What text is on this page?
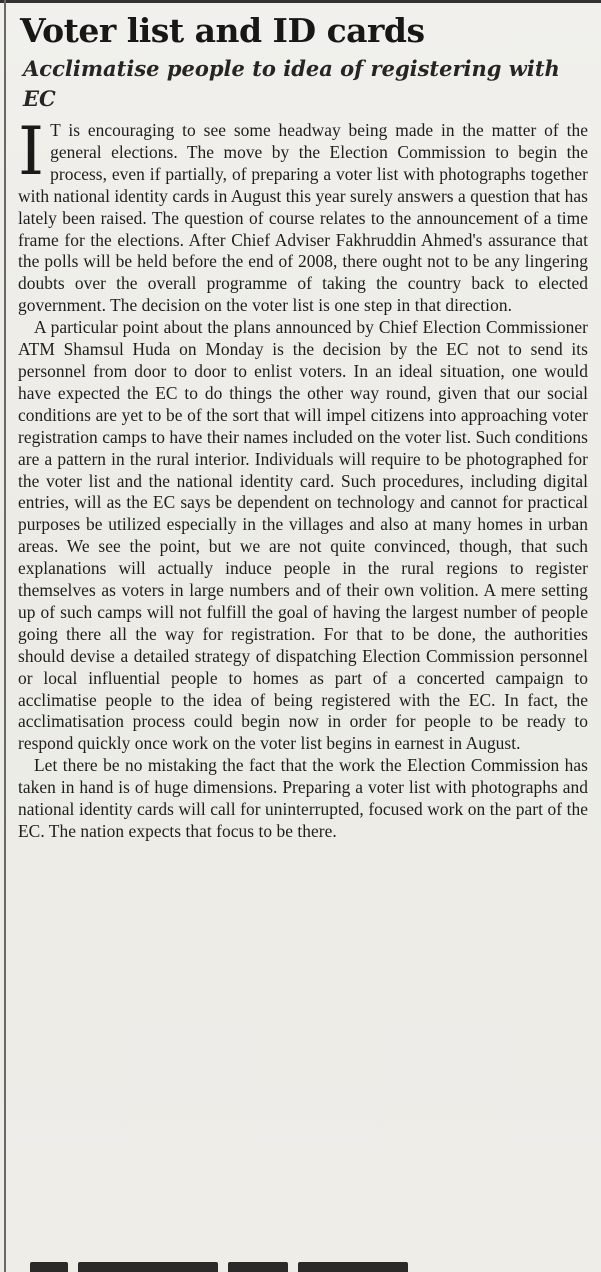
Voter list and ID cards
Acclimatise people to idea of registering with EC

I T is encouraging to see some headway being made in the matter of the general elections. The move by the Election Commission to begin the process, even if partially, of preparing a voter list with photographs together with national identity cards in August this year surely answers a question that has lately been raised. The question of course relates to the announcement of a time frame for the elections. After Chief Adviser Fakhruddin Ahmed's assurance that the polls will be held before the end of 2008, there ought not to be any lingering doubts over the overall programme of taking the country back to elected government. The decision on the voter list is one step in that direction.

A particular point about the plans announced by Chief Election Commissioner ATM Shamsul Huda on Monday is the decision by the EC not to send its personnel from door to door to enlist voters. In an ideal situation, one would have expected the EC to do things the other way round, given that our social conditions are yet to be of the sort that will impel citizens into approaching voter registration camps to have their names included on the voter list. Such conditions are a pattern in the rural interior. Individuals will require to be photographed for the voter list and the national identity card. Such procedures, including digital entries, will as the EC says be dependent on technology and cannot for practical purposes be utilized especially in the villages and also at many homes in urban areas. We see the point, but we are not quite convinced, though, that such explanations will actually induce people in the rural regions to register themselves as voters in large numbers and of their own volition. A mere setting up of such camps will not fulfill the goal of having the largest number of people going there all the way for registration. For that to be done, the authorities should devise a detailed strategy of dispatching Election Commission personnel or local influential people to homes as part of a concerted campaign to acclimatise people to the idea of being registered with the EC. In fact, the acclimatisation process could begin now in order for people to be ready to respond quickly once work on the voter list begins in earnest in August.

Let there be no mistaking the fact that the work the Election Commission has taken in hand is of huge dimensions. Preparing a voter list with photographs and national identity cards will call for uninterrupted, focused work on the part of the EC. The nation expects that focus to be there.
